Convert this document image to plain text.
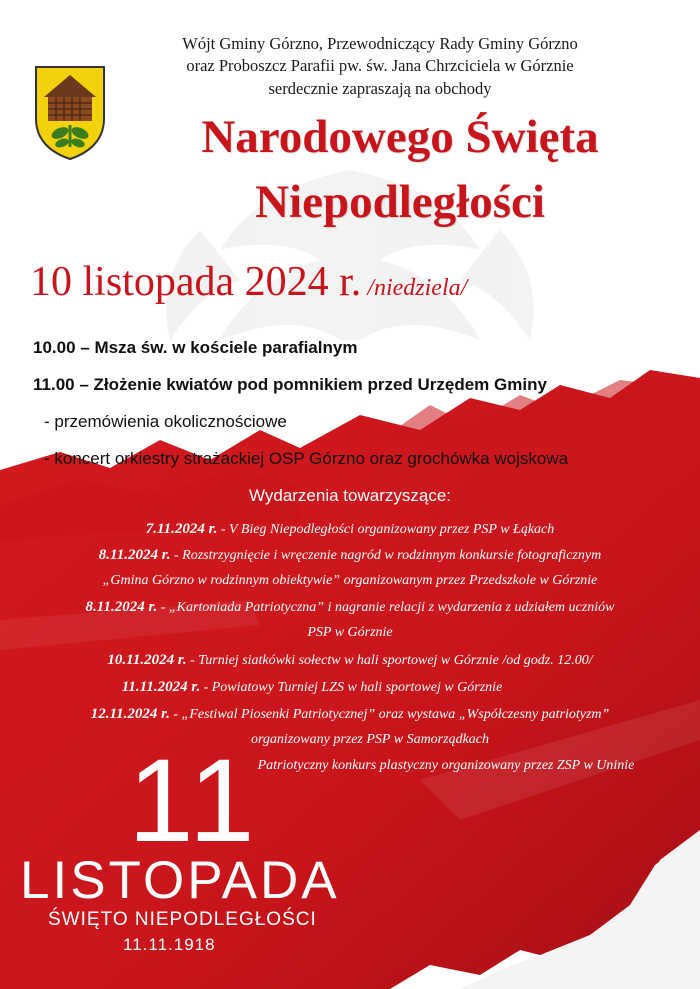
Wójt Gminy Górzno, Przewodniczący Rady Gminy Górzno
oraz Proboszcz Parafii pw. św. Jana Chrzciciela w Górznie
serdecznie zapraszają na obchody
Narodowego Święta
Niepodległości
10 listopada 2024 r. /niedziela/
10.00 – Msza św. w kościele parafialnym
11.00 – Złożenie kwiatów pod pomnikiem przed Urzędem Gminy
- przemówienia okolicznościowe
- koncert orkiestry strażackiej OSP Górzno oraz grochówka wojskowa
Wydarzenia towarzyszące:
7.11.2024 r. - V Bieg Niepodległości organizowany przez PSP w Łąkach
8.11.2024 r. - Rozstrzygnięcie i wręczenie nagród w rodzinnym konkursie fotograficznym
„Gmina Górzno w rodzinnym obiektywie” organizowanym przez Przedszkole w Górznie
8.11.2024 r. - „Kartoniada Patriotyczna” i nagranie relacji z wydarzenia z udziałem uczniów
PSP w Górznie
10.11.2024 r. - Turniej siatkówki sołectw w hali sportowej w Górznie /od godz. 12.00/
11.11.2024 r. - Powiatowy Turniej LZS w hali sportowej w Górznie
12.11.2024 r. - „Festiwal Piosenki Patriotycznej” oraz wystawa „Współczesny patriotyzm”
organizowany przez PSP w Samorządkach
Patriotyczny konkurs plastyczny organizowany przez ZSP w Uninie
11
LISTOPADA
ŚWIĘTO NIEPODLEGŁOŚCI
11.11.1918
